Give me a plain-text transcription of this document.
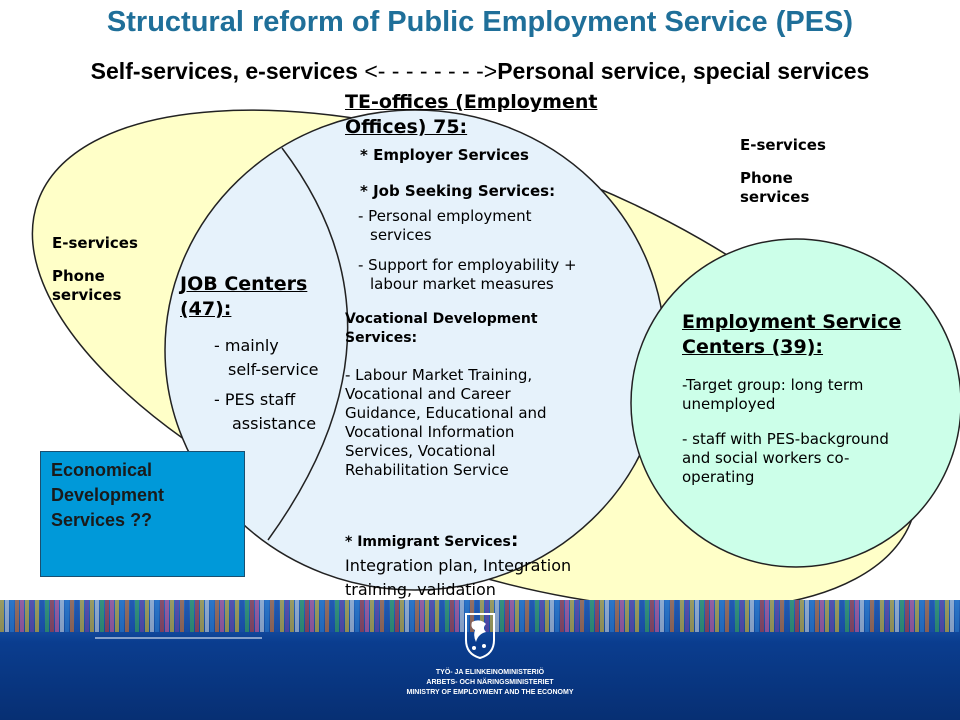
Structural reform of Public Employment Service (PES)
Self-services, e-services <- - - - - - - ->Personal service, special services
TE-offices (Employment
Offices) 75:
* Employer Services
* Job Seeking Services:
- Personal employment
services
- Support for employability +
labour market measures
Vocational Development
Services:
- Labour Market Training,
Vocational and Career
Guidance, Educational and
Vocational Information
Services, Vocational
Rehabilitation Service
* Immigrant Services:
Integration plan, Integration
training, validation
E-services
Phone
services
E-services
Phone
services
JOB Centers
(47):
- mainly
self-service
- PES staff
assistance
Employment Service
Centers (39):
-Target group: long term
unemployed
- staff with PES-background
and social workers co-
operating
Economical
Development
Services ??
TYÖ- JA ELINKEINOMINISTERIÖ
ARBETS- OCH NÄRINGSMINISTERIET
MINISTRY OF EMPLOYMENT AND THE ECONOMY
